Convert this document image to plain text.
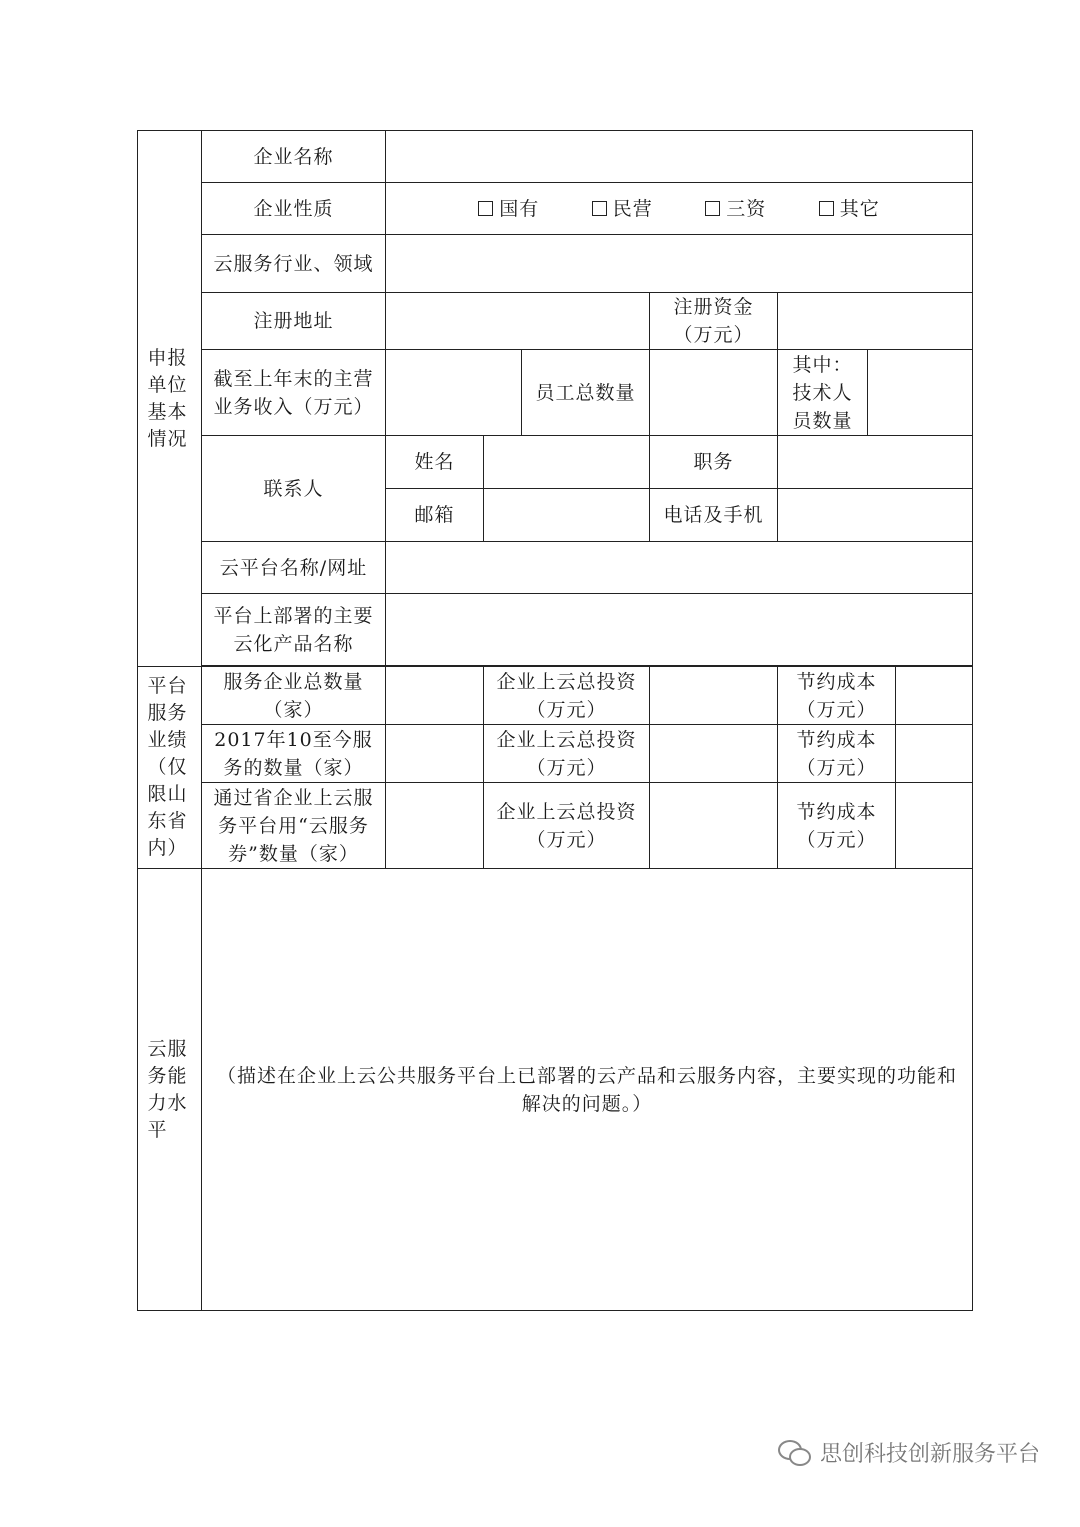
申报单位基本情况	企业名称							
	企业性质	国有 民营 三资 其它						

	云服务行业、领域							
	注册地址				注册资金（万元）			
	截至上年末的主营业务收入（万元）			员工总数量		其中：技术人员数量		
	联系人	姓名			职务			
		邮箱			电话及手机			
	云平台名称/网址							
	平台上部署的主要云化产品名称							

平台服务业绩（仅限山东省内）	服务企业总数量（家）		企业上云总投资（万元）			节约成本（万元）		
	2017年10至今服务的数量（家）		企业上云总投资（万元）			节约成本（万元）		
	通过省企业上云服务平台用“云服务券”数量（家）		企业上云总投资（万元）			节约成本（万元）		
云服务能力水平	（描述在企业上云公共服务平台上已部署的云产品和云服务内容，主要实现的功能和解决的问题。）							
思创科技创新服务平台
